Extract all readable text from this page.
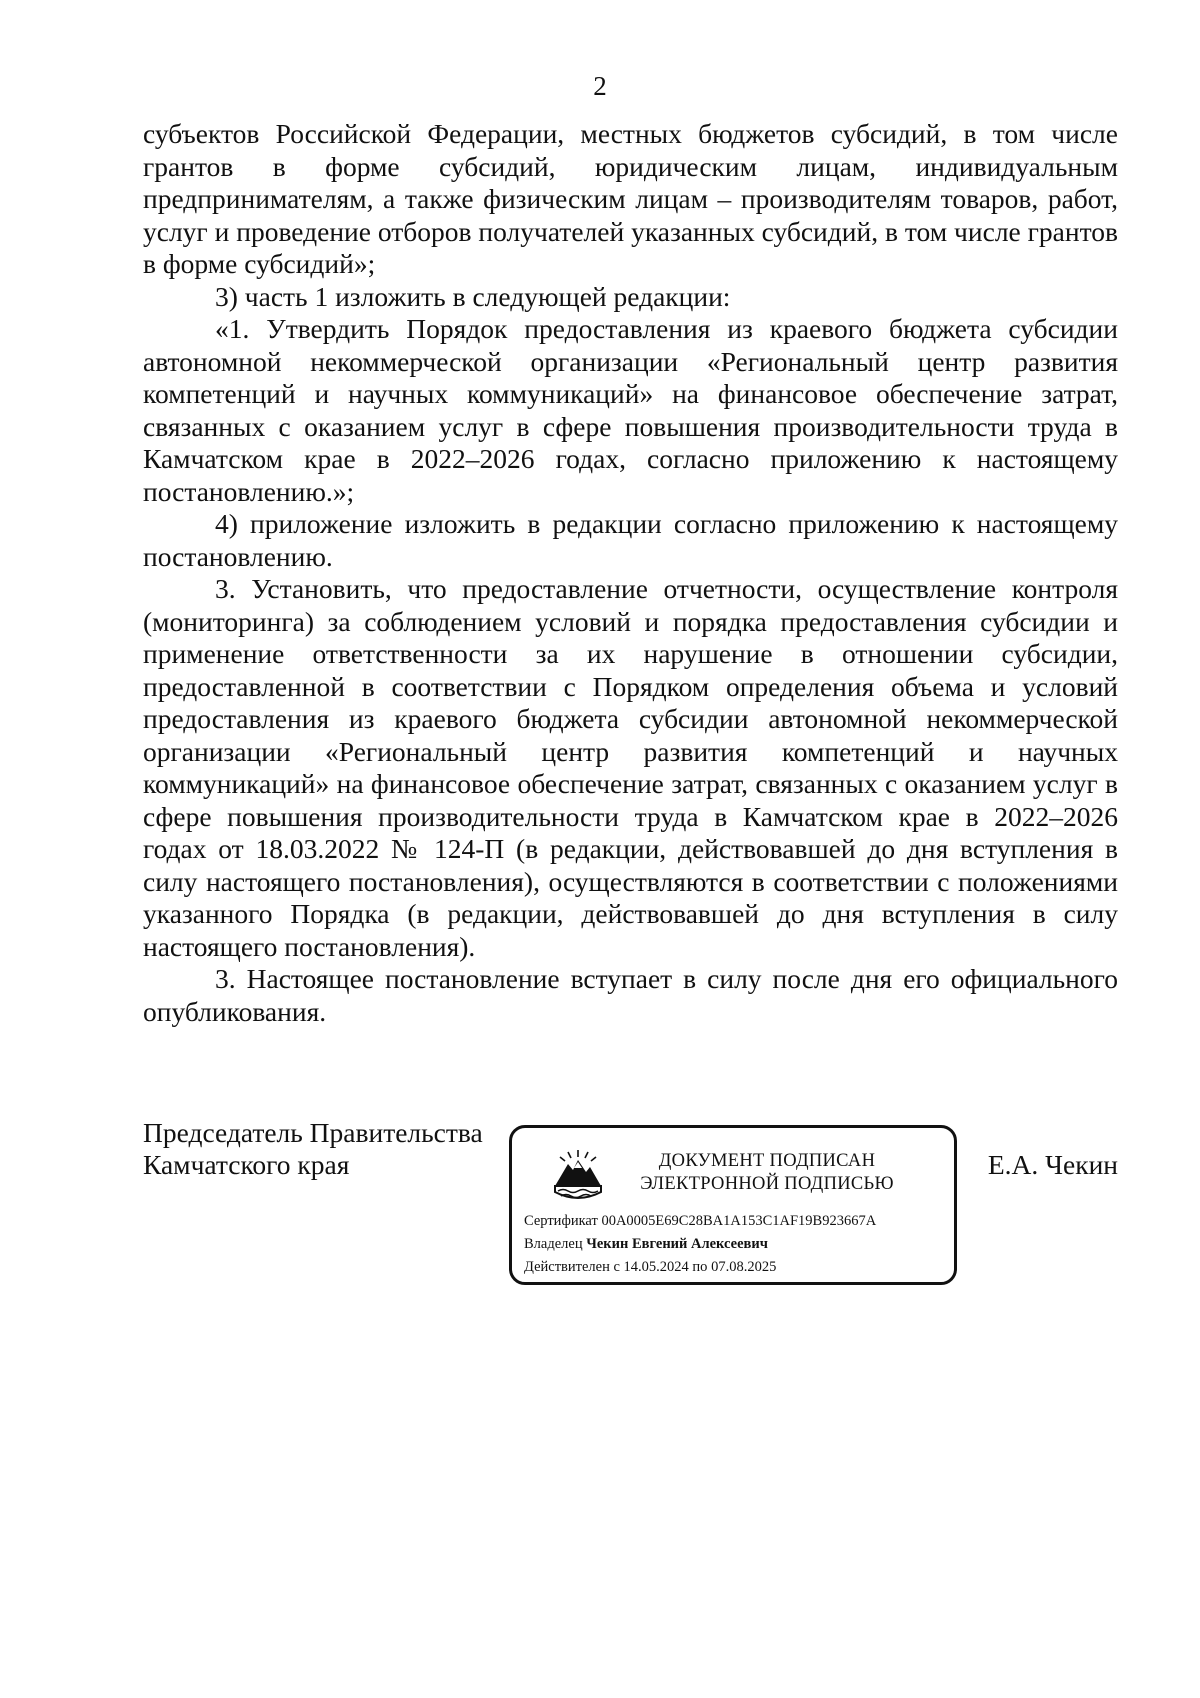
2

субъектов Российской Федерации, местных бюджетов субсидий, в том числе грантов в форме субсидий, юридическим лицам, индивидуальным предпринимателям, а также физическим лицам – производителям товаров, работ, услуг и проведение отборов получателей указанных субсидий, в том числе грантов в форме субсидий»;

3) часть 1 изложить в следующей редакции:

«1. Утвердить Порядок предоставления из краевого бюджета субсидии автономной некоммерческой организации «Региональный центр развития компетенций и научных коммуникаций» на финансовое обеспечение затрат, связанных с оказанием услуг в сфере повышения производительности труда в Камчатском крае в 2022–2026 годах, согласно приложению к настоящему постановлению.»;

4) приложение изложить в редакции согласно приложению к настоящему постановлению.

3. Установить, что предоставление отчетности, осуществление контроля (мониторинга) за соблюдением условий и порядка предоставления субсидии и применение ответственности за их нарушение в отношении субсидии, предоставленной в соответствии с Порядком определения объема и условий предоставления из краевого бюджета субсидии автономной некоммерческой организации «Региональный центр развития компетенций и научных коммуникаций» на финансовое обеспечение затрат, связанных с оказанием услуг в сфере повышения производительности труда в Камчатском крае в 2022–2026 годах от 18.03.2022 № 124-П (в редакции, действовавшей до дня вступления в силу настоящего постановления), осуществляются в соответствии с положениями указанного Порядка (в редакции, действовавшей до дня вступления в силу настоящего постановления).

3. Настоящее постановление вступает в силу после дня его официального опубликования.

Председатель Правительства
Камчатского края	ДОКУМЕНТ ПОДПИСАН
ЭЛЕКТРОННОЙ ПОДПИСЬЮ
Сертификат 00A0005E69C28BA1A153C1AF19B923667A
Владелец Чекин Евгений Алексеевич
Действителен с 14.05.2024 по 07.08.2025
Е.А. Чекин
